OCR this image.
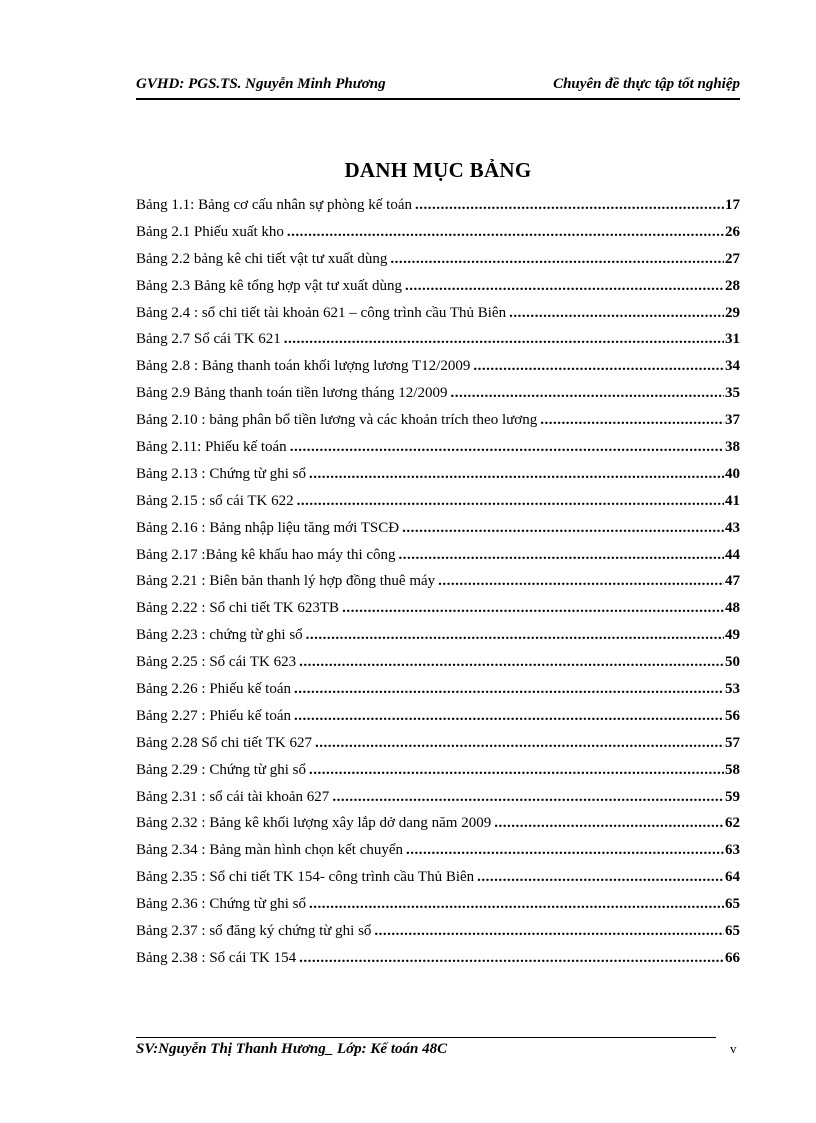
GVHD: PGS.TS. Nguyễn Minh Phương	Chuyên đề thực tập tốt nghiệp
DANH MỤC BẢNG
Bảng 1.1: Bảng cơ cấu nhân sự phòng kế toán .....	17
Bảng 2.1 Phiếu xuất kho .....	26
Bảng 2.2 bảng kê chi tiết vật tư xuất dùng .....	27
Bảng 2.3 Bảng kê tổng hợp vật tư xuất dùng .....	28
Bảng 2.4 : sổ chi tiết tài khoản 621 – công trình cầu Thủ Biên .....	29
Bảng 2.7 Sổ cái TK 621 .....	31
Bảng 2.8 : Bảng thanh toán khối lượng lương T12/2009 .....	34
Bảng 2.9 Bảng thanh toán tiền lương tháng 12/2009 .....	35
Bảng 2.10 : bảng phân bổ tiền lương và các khoản trích theo lương .....	37
Bảng 2.11: Phiếu kế toán .....	38
Bảng 2.13 : Chứng từ ghi sổ .....	40
Bảng 2.15 : sổ cái TK 622 .....	41
Bảng 2.16 : Bảng nhập liệu tăng mới TSCĐ .....	43
Bảng 2.17 :Bảng kê khấu hao máy thi công .....	44
Bảng 2.21 : Biên bản thanh lý hợp đồng thuê máy .....	47
Bảng 2.22 : Sổ chi tiết TK 623TB .....	48
Bảng 2.23 : chứng từ ghi sổ .....	49
Bảng 2.25 : Sổ cái TK 623 .....	50
Bảng 2.26 : Phiếu kế toán .....	53
Bảng 2.27 : Phiếu kế toán .....	56
Bảng 2.28 Sổ chi tiết TK 627 .....	57
Bảng 2.29 : Chứng từ ghi sổ .....	58
Bảng 2.31 : sổ cái tài khoản 627 .....	59
Bảng 2.32 : Bảng kê khối lượng xây lắp dở dang năm 2009 .....	62
Bảng 2.34 : Bảng màn hình chọn kết chuyển .....	63
Bảng 2.35 : Sổ chi tiết TK 154- công trình cầu Thủ Biên .....	64
Bảng 2.36 : Chứng từ ghi sổ .....	65
Bảng 2.37 : sổ đăng ký chứng từ ghi sổ .....	65
Bảng 2.38 : Sổ cái TK 154 .....	66
SV:Nguyễn Thị Thanh Hương_ Lớp: Kế toán 48C	v
